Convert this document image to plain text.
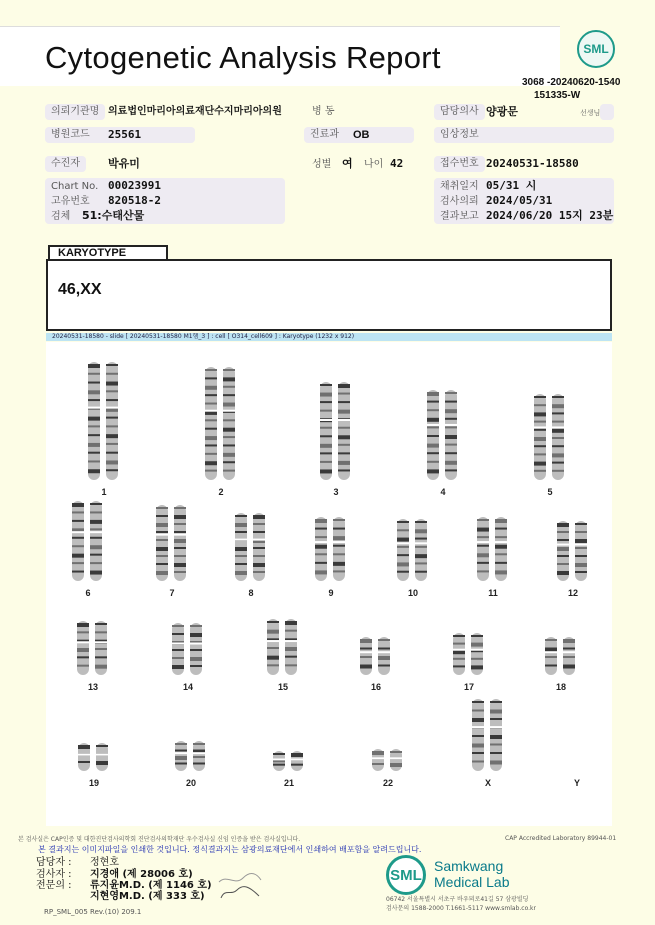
Cytogenetic Analysis Report	SML
3068 -20240620-1540
151335-W
의뢰기관명 의료법인마리아의료재단수지마리아의원	병 동	담당의사 양광문	선생님
병원코드	25561	진료과	OB	임상정보
수진자	박유미	성별 여	나이 42	접수번호 20240531-18580
Chart No. 00023991
고유번호	820518-2
검체	51:수태산물
채취일지 05/31 시
검사의뢰 2024/05/31
결과보고 2024/06/20 15지 23분
KARYOTYPE
46,XX
20240531-18580 - slide [ 20240531-18580 M1햄_3 ] : cell [ O314_cell609 ] : Karyotype (1232 x 912)
1	2	3	4	5
6	7	8	9	10	11	12
13	14	15	16	17	18
19	20	21	22	X	Y
본 검사실은 CAP인증 및 대한진단검사의학회 진단검사의학재단 우수검사실 신임 인증을 받은 검사실입니다.	CAP Accredited Laboratory 89944-01
본 결과지는 이미지파일을 인쇄한 것입니다. 정식결과지는 삼광의료재단에서 인쇄하여 배포함을 알려드립니다.
담당자 : 정현호
검사자 : 지경애 (제 28006 호)
전문의 : 류지윤M.D. (제 1146 호)
지현영M.D. (제 333 호)
RP_SML_005 Rev.(10) 209.1
SML
Samkwang
Medical Lab
06742 서울특별시 서초구 바우뫼로41길 57 삼광빌딩
검사문의 1588-2000 T.1661-5117 www.smlab.co.kr
